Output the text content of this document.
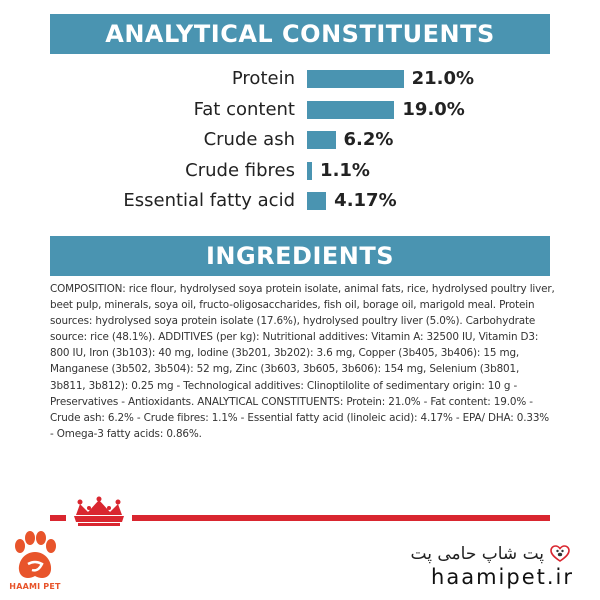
ANALYTICAL CONSTITUENTS
Protein	21.0%
Fat content	19.0%
Crude ash	6.2%
Crude fibres 1.1%
Essential fatty acid 4.17%
INGREDIENTS

COMPOSITION: rice flour, hydrolysed soya protein isolate, animal fats, rice, hydrolysed poultry liver, beet pulp, minerals, soya oil, fructo-oligosaccharides, fish oil, borage oil, marigold meal. Protein sources: hydrolysed soya protein isolate (17.6%), hydrolysed poultry liver (5.0%). Carbohydrate source: rice (48.1%). ADDITIVES (per kg): Nutritional additives: Vitamin A: 32500 IU, Vitamin D3: 800 IU, Iron (3b103): 40 mg, Iodine (3b201, 3b202): 3.6 mg, Copper (3b405, 3b406): 15 mg, Manganese (3b502, 3b504): 52 mg, Zinc (3b603, 3b605, 3b606): 154 mg, Selenium (3b801, 3b811, 3b812): 0.25 mg - Technological additives: Clinoptilolite of sedimentary origin: 10 g - Preservatives - Antioxidants. ANALYTICAL CONSTITUENTS: Protein: 21.0% - Fat content: 19.0% - Crude ash: 6.2% - Crude fibres: 1.1% - Essential fatty acid (linoleic acid): 4.17% - EPA/ DHA: 0.33% - Omega-3 fatty acids: 0.86%.

HAAMI PET
پت شاپ حامی پت
haamipet.ir
